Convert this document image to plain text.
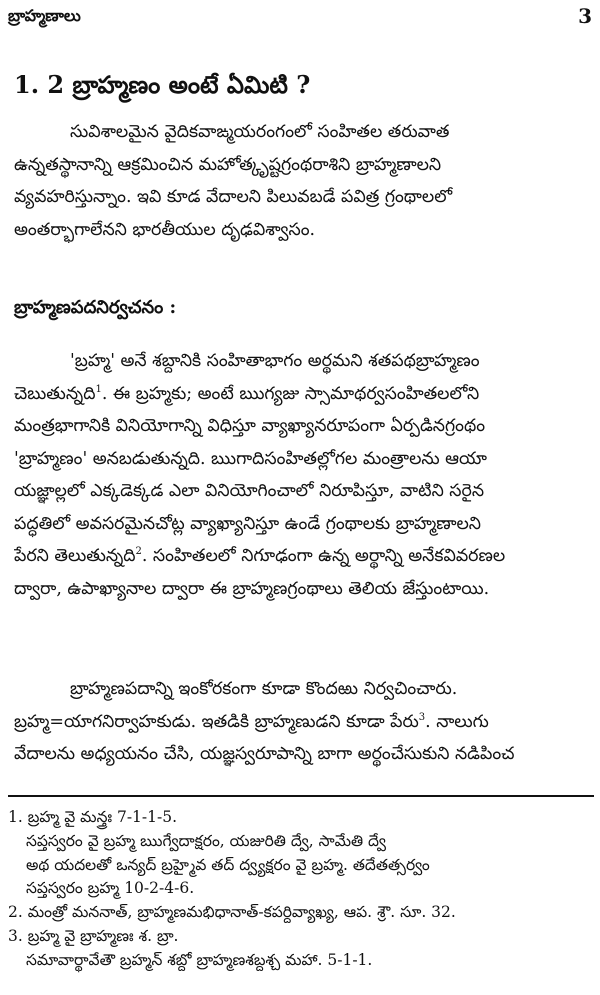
బ్రాహ్మణాలు	3
1. 2 బ్రాహ్మణం అంటే ఏమిటి ?
సువిశాలమైన వైదికవాఙ్మయరంగంలో సంహితల తరువాత
ఉన్నతస్థానాన్ని ఆక్రమించిన మహోత్కృష్టగ్రంథరాశిని బ్రాహ్మణాలని
వ్యవహరిస్తున్నాం. ఇవి కూడ వేదాలని పిలువబడే పవిత్ర గ్రంథాలలో
అంతర్భాగాలేనని భారతీయుల దృఢవిశ్వాసం.
బ్రాహ్మణపదనిర్వచనం :
'బ్రహ్మ' అనే శబ్దానికి సంహితాభాగం అర్థమని శతపథబ్రాహ్మణం
చెబుతున్నది$^1$. ఈ బ్రహ్మకు; అంటే ఋగ్యజు స్సామాథర్వసంహితలలోని
మంత్రభాగానికి వినియోగాన్ని విధిస్తూ వ్యాఖ్యానరూపంగా ఏర్పడినగ్రంథం
'బ్రాహ్మణం' అనబడుతున్నది. ఋగాదిసంహితల్లోగల మంత్రాలను ఆయా
యజ్ఞాల్లలో ఎక్కడెక్కడ ఎలా వినియోగించాలో నిరూపిస్తూ, వాటిని సరైన
పద్ధతిలో అవసరమైనచోట్ల వ్యాఖ్యానిస్తూ ఉండే గ్రంథాలకు బ్రాహ్మణాలని
పేరని తెలుతున్నది$^2$. సంహితలలో నిగూఢంగా ఉన్న అర్థాన్ని అనేకవివరణల
ద్వారా, ఉపాఖ్యానాల ద్వారా ఈ బ్రాహ్మణగ్రంథాలు తెలియ జేస్తుంటాయి.
బ్రాహ్మణపదాన్ని ఇంకోరకంగా కూడా కొందఱు నిర్వచించారు.
బ్రహ్మ=యాగనిర్వాహకుడు. ఇతడికి బ్రాహ్మణుడని కూడా పేరు$^3$. నాలుగు
వేదాలను అధ్యయనం చేసి, యజ్ఞస్వరూపాన్ని బాగా అర్థంచేసుకుని నడిపించ
1. బ్రహ్మ వై మన్త్రః 7-1-1-5.
సప్తస్వరం వై బ్రహ్మ ఋగ్వేదాక్షరం, యజురితి ద్వే, సామేతి ద్వే
అథ యదలతో ఒన్యద్ బ్రహ్మైవ తద్ ద్వ్యక్షరం వై బ్రహ్మ. తదేతత్సర్వం
సప్తస్వరం బ్రహ్మ 10-2-4-6.
2. మంత్రో మననాత్, బ్రాహ్మణమభిధానాత్-కపర్దివ్యాఖ్య, ఆప. శ్రౌ. సూ. 32.
3. బ్రహ్మ వై బ్రాహ్మణః శ. బ్రా.
సమావార్థావేతౌ బ్రహ్మన్ శబ్దో బ్రాహ్మణశబ్దశ్చ మహా. 5-1-1.
